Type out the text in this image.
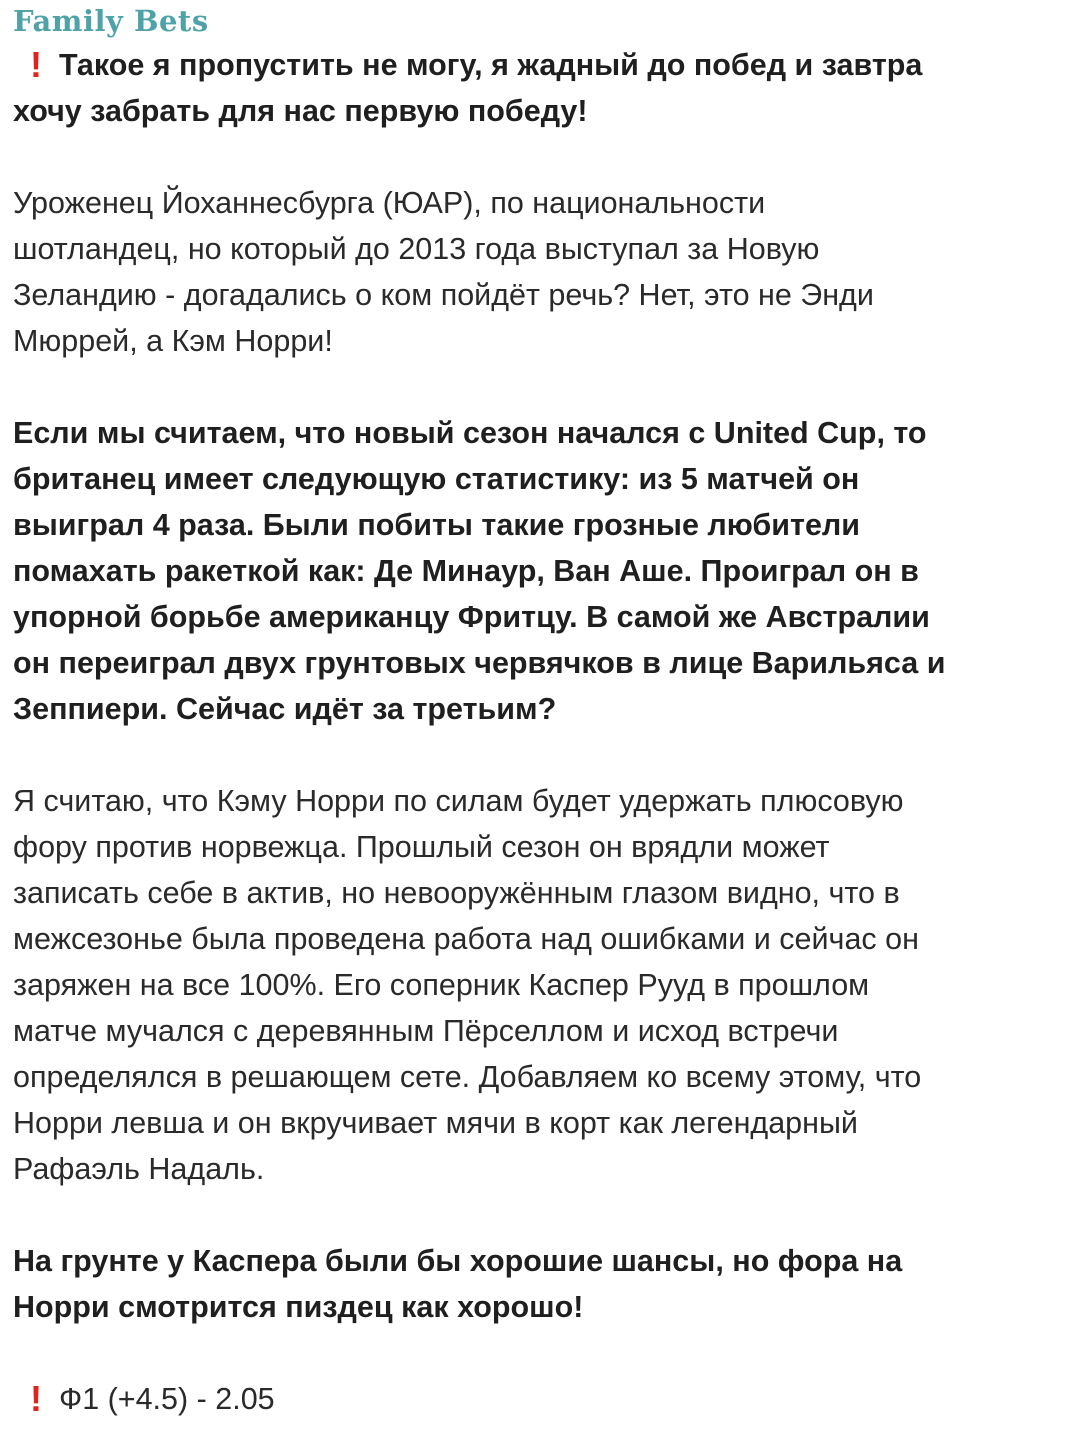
Family Bets

! Такое я пропустить не могу, я жадный до побед и завтра
хочу забрать для нас первую победу!

Уроженец Йоханнесбурга (ЮАР), по национальности
шотландец, но который до 2013 года выступал за Новую
Зеландию - догадались о ком пойдёт речь? Нет, это не Энди
Мюррей, а Кэм Норри!

Если мы считаем, что новый сезон начался с United Cup, то
британец имеет следующую статистику: из 5 матчей он
выиграл 4 раза. Были побиты такие грозные любители
помахать ракеткой как: Де Минаур, Ван Аше. Проиграл он в
упорной борьбе американцу Фритцу. В самой же Австралии
он переиграл двух грунтовых червячков в лице Варильяса и
Зеппиери. Сейчас идёт за третьим?

Я считаю, что Кэму Норри по силам будет удержать плюсовую
фору против норвежца. Прошлый сезон он врядли может
записать себе в актив, но невооружённым глазом видно, что в
межсезонье была проведена работа над ошибками и сейчас он
заряжен на все 100%. Его соперник Каспер Рууд в прошлом
матче мучался с деревянным Пёрселлом и исход встречи
определялся в решающем сете. Добавляем ко всему этому, что
Норри левша и он вкручивает мячи в корт как легендарный
Рафаэль Надаль.

На грунте у Каспера были бы хорошие шансы, но фора на
Норри смотрится пиздец как хорошо!

! Ф1 (+4.5) - 2.05
